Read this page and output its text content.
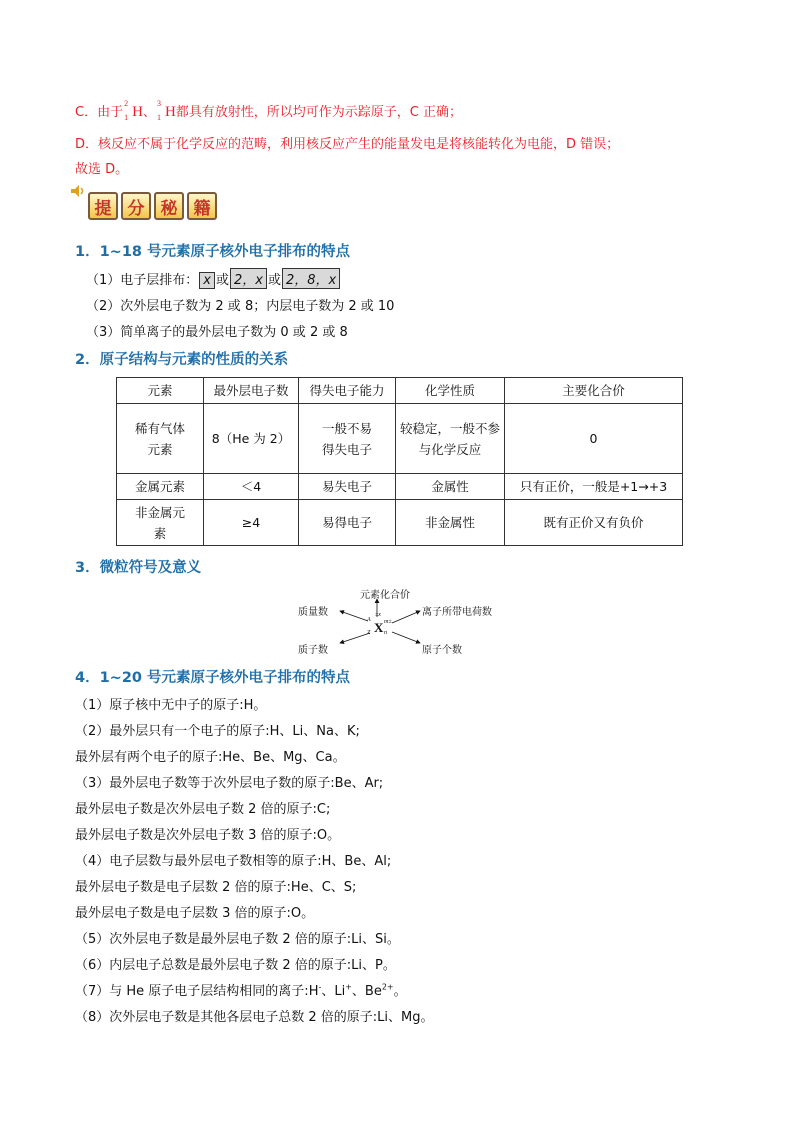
C．由于
2
1 H、
3
1 H都具有放射性，所以均可作为示踪原子，C 正确；
D．核反应不属于化学反应的范畴，利用核反应产生的能量发电是将核能转化为电能，D 错误；
故选 D。
提 分 秘 籍
1．1~18 号元素原子核外电子排布的特点
（1）电子层排布： x 或 2，x 或 2，8，x
（2）次外层电子数为 2 或 8；内层电子数为 2 或 10
（3）简单离子的最外层电子数为 0 或 2 或 8
2．原子结构与元素的性质的关系
元素	最外层电子数	得失电子能力	化学性质	主要化合价
稀有气体元素	8（He 为 2）	一般不易得失电子	较稳定，一般不参与化学反应	0
金属元素	＜4	易失电子	金属性	只有正价，一般是+1→+3
非金属元素	≥4	易得电子	非金属性	既有正价又有负价
3．微粒符号及意义
元素化合价
质量数	离子所带电荷数
质子数	原子个数
X
A
Z
±x
m±
n
4．1~20 号元素原子核外电子排布的特点
（1）原子核中无中子的原子:H。
（2）最外层只有一个电子的原子:H、Li、Na、K;
最外层有两个电子的原子:He、Be、Mg、Ca。
（3）最外层电子数等于次外层电子数的原子:Be、Ar;
最外层电子数是次外层电子数 2 倍的原子:C;
最外层电子数是次外层电子数 3 倍的原子:O。
（4）电子层数与最外层电子数相等的原子:H、Be、Al;
最外层电子数是电子层数 2 倍的原子:He、C、S;
最外层电子数是电子层数 3 倍的原子:O。
（5）次外层电子数是最外层电子数 2 倍的原子:Li、Si。
（6）内层电子总数是最外层电子数 2 倍的原子:Li、P。
（7）与 He 原子电子层结构相同的离子:H-、Li+、$Be^{2+}$。
（8）次外层电子数是其他各层电子总数 2 倍的原子:Li、Mg。
